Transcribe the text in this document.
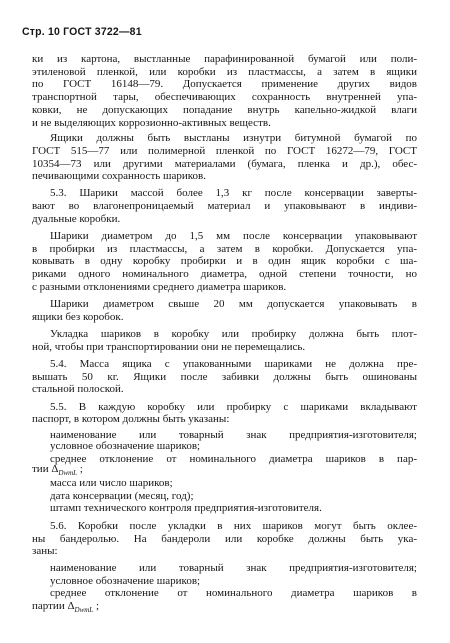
Стр. 10 ГОСТ 3722—81
ки из картона, выстланные парафинированной бумагой или поли-
этиленовой пленкой, или коробки из пластмассы, а затем в ящики
по ГОСТ 16148—79. Допускается применение других видов
транспортной тары, обеспечивающих сохранность внутренней упа-
ковки, не допускающих попадание внутрь капельно-жидкой влаги
и не выделяющих коррозионно-активных веществ.
Ящики должны быть выстланы изнутри битумной бумагой по
ГОСТ 515—77 или полимерной пленкой по ГОСТ 16272—79, ГОСТ
10354—73 или другими материалами (бумага, пленка и др.), обес-
печивающими сохранность шариков.
5.3. Шарики массой более 1,3 кг после консервации заверты-
вают во влагонепроницаемый материал и упаковывают в индиви-
дуальные коробки.
Шарики диаметром до 1,5 мм после консервации упаковывают
в пробирки из пластмассы, а затем в коробки. Допускается упа-
ковывать в одну коробку пробирки и в один ящик коробки с ша-
риками одного номинального диаметра, одной степени точности, но
с разными отклонениями среднего диаметра шариков.
Шарики диаметром свыше 20 мм допускается упаковывать в
ящики без коробок.
Укладка шариков в коробку или пробирку должна быть плот-
ной, чтобы при транспортировании они не перемещались.
5.4. Масса ящика с упакованными шариками не должна пре-
вышать 50 кг. Ящики после забивки должны быть ошинованы
стальной полоской.
5.5. В каждую коробку или пробирку с шариками вкладывают
паспорт, в котором должны быть указаны:
наименование или товарный знак предприятия-изготовителя;
условное обозначение шариков;
среднее отклонение от номинального диаметра шариков в пар-
тии $\Delta_{DwmL}$ ;
масса или число шариков;
дата консервации (месяц, год);
штамп технического контроля предприятия-изготовителя.
5.6. Коробки после укладки в них шариков могут быть оклее-
ны бандеролью. На бандероли или коробке должны быть ука-
заны:
наименование или товарный знак предприятия-изготовителя;
условное обозначение шариков;
среднее отклонение от номинального диаметра шариков в
партии $\Delta_{DwmL}$ ;
